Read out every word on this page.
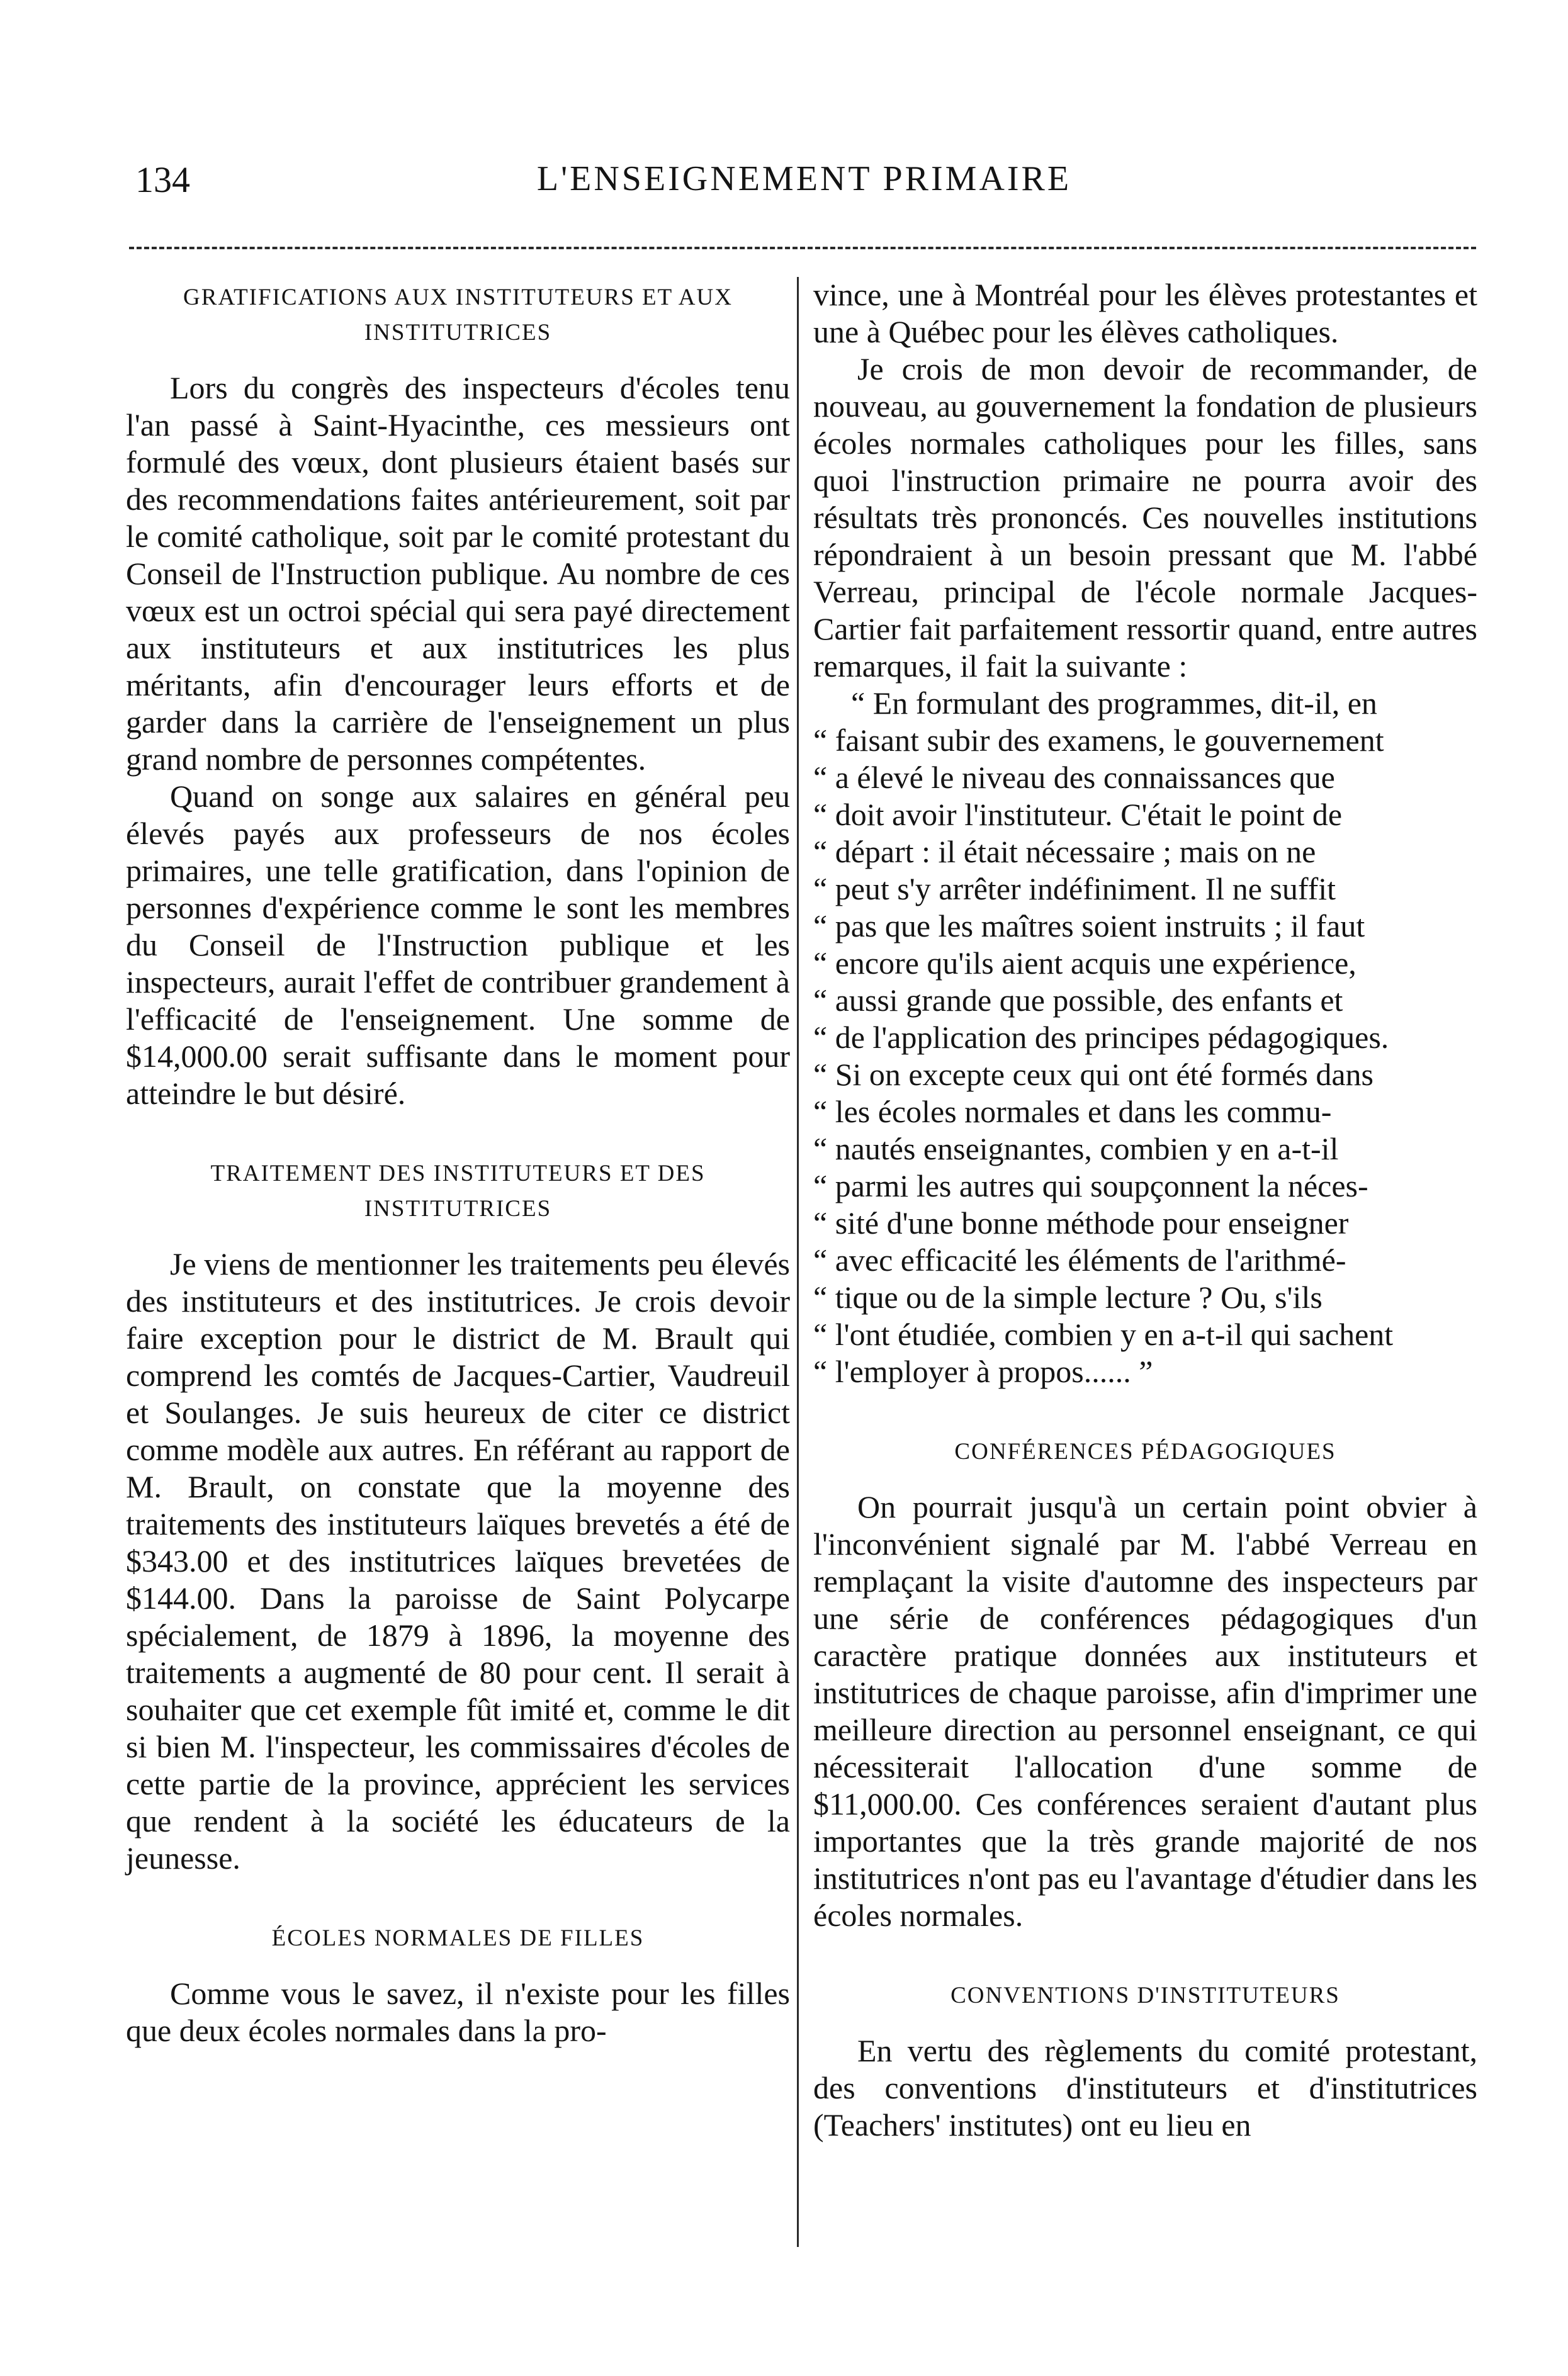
134	L'ENSEIGNEMENT PRIMAIRE

GRATIFICATIONS AUX INSTITUTEURS ET AUX INSTITUTRICES

Lors du congrès des inspecteurs d'écoles tenu l'an passé à Saint-Hyacinthe, ces messieurs ont formulé des vœux, dont plusieurs étaient basés sur des recommendations faites antérieurement, soit par le comité catholique, soit par le comité protestant du Conseil de l'Instruction publique. Au nombre de ces vœux est un octroi spécial qui sera payé directement aux instituteurs et aux institutrices les plus méritants, afin d'encourager leurs efforts et de garder dans la carrière de l'enseignement un plus grand nombre de personnes compétentes.

Quand on songe aux salaires en général peu élevés payés aux professeurs de nos écoles primaires, une telle gratification, dans l'opinion de personnes d'expérience comme le sont les membres du Conseil de l'Instruction publique et les inspecteurs, aurait l'effet de contribuer grandement à l'efficacité de l'enseignement. Une somme de $14,000.00 serait suffisante dans le moment pour atteindre le but désiré.

TRAITEMENT DES INSTITUTEURS ET DES INSTITUTRICES

Je viens de mentionner les traitements peu élevés des instituteurs et des institutrices. Je crois devoir faire exception pour le district de M. Brault qui comprend les comtés de Jacques-Cartier, Vaudreuil et Soulanges. Je suis heureux de citer ce district comme modèle aux autres. En référant au rapport de M. Brault, on constate que la moyenne des traitements des instituteurs laïques brevetés a été de $343.00 et des institutrices laïques brevetées de $144.00. Dans la paroisse de Saint Polycarpe spécialement, de 1879 à 1896, la moyenne des traitements a augmenté de 80 pour cent. Il serait à souhaiter que cet exemple fût imité et, comme le dit si bien M. l'inspecteur, les commissaires d'écoles de cette partie de la province, apprécient les services que rendent à la société les éducateurs de la jeunesse.

ÉCOLES NORMALES DE FILLES

Comme vous le savez, il n'existe pour les filles que deux écoles normales dans la pro-

vince, une à Montréal pour les élèves protestantes et une à Québec pour les élèves catholiques.

Je crois de mon devoir de recommander, de nouveau, au gouvernement la fondation de plusieurs écoles normales catholiques pour les filles, sans quoi l'instruction primaire ne pourra avoir des résultats très prononcés. Ces nouvelles institutions répondraient à un besoin pressant que M. l'abbé Verreau, principal de l'école normale Jacques-Cartier fait parfaitement ressortir quand, entre autres remarques, il fait la suivante :

“ En formulant des programmes, dit-il, en

“ faisant subir des examens, le gouvernement

“ a élevé le niveau des connaissances que

“ doit avoir l'instituteur. C'était le point de

“ départ : il était nécessaire ; mais on ne

“ peut s'y arrêter indéfiniment. Il ne suffit

“ pas que les maîtres soient instruits ; il faut

“ encore qu'ils aient acquis une expérience,

“ aussi grande que possible, des enfants et

“ de l'application des principes pédagogiques.

“ Si on excepte ceux qui ont été formés dans

“ les écoles normales et dans les commu-

“ nautés enseignantes, combien y en a-t-il

“ parmi les autres qui soupçonnent la néces-

“ sité d'une bonne méthode pour enseigner

“ avec efficacité les éléments de l'arithmé-

“ tique ou de la simple lecture ? Ou, s'ils

“ l'ont étudiée, combien y en a-t-il qui sachent

“ l'employer à propos...... ”

CONFÉRENCES PÉDAGOGIQUES

On pourrait jusqu'à un certain point obvier à l'inconvénient signalé par M. l'abbé Verreau en remplaçant la visite d'automne des inspecteurs par une série de conférences pédagogiques d'un caractère pratique données aux instituteurs et institutrices de chaque paroisse, afin d'imprimer une meilleure direction au personnel enseignant, ce qui nécessiterait l'allocation d'une somme de $11,000.00. Ces conférences seraient d'autant plus importantes que la très grande majorité de nos institutrices n'ont pas eu l'avantage d'étudier dans les écoles normales.

CONVENTIONS D'INSTITUTEURS

En vertu des règlements du comité protestant, des conventions d'instituteurs et d'institutrices (Teachers' institutes) ont eu lieu en
